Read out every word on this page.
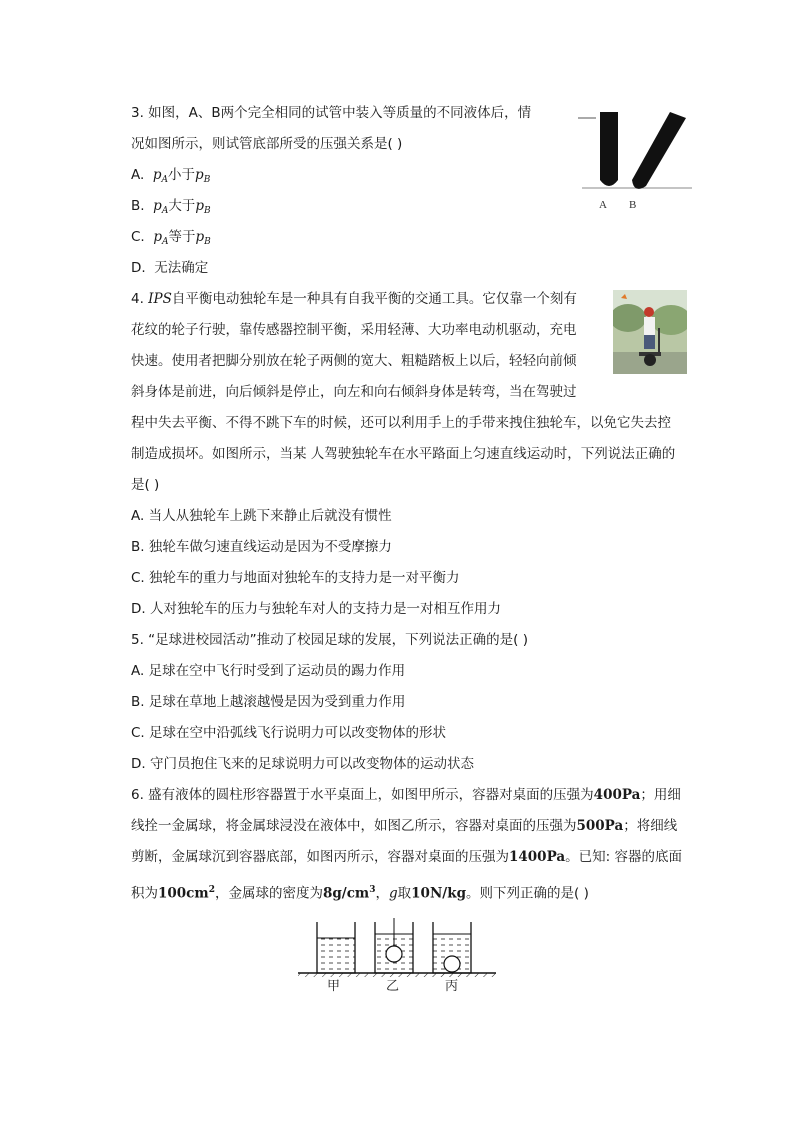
3. 如图，A、B两个完全相同的试管中装入等质量的不同液体后，情
况如图所示，则试管底部所受的压强关系是( )
A. $p_A$小于$p_B$
B. $p_A$大于$p_B$
C. $p_A$等于$p_B$
D. 无法确定
A B
4. IPS自平衡电动独轮车是一种具有自我平衡的交通工具。它仅靠一个刻有
花纹的轮子行驶，靠传感器控制平衡，采用轻薄、大功率电动机驱动，充电
快速。使用者把脚分别放在轮子两侧的宽大、粗糙踏板上以后，轻轻向前倾
斜身体是前进，向后倾斜是停止，向左和向右倾斜身体是转弯，当在驾驶过
程中失去平衡、不得不跳下车的时候，还可以利用手上的手带来拽住独轮车，以免它失去控
制造成损坏。如图所示，当某 人驾驶独轮车在水平路面上匀速直线运动时，下列说法正确的
是( )
A. 当人从独轮车上跳下来静止后就没有惯性
B. 独轮车做匀速直线运动是因为不受摩擦力
C. 独轮车的重力与地面对独轮车的支持力是一对平衡力
D. 人对独轮车的压力与独轮车对人的支持力是一对相互作用力
5. “足球进校园活动”推动了校园足球的发展，下列说法正确的是( )
A. 足球在空中飞行时受到了运动员的踢力作用
B. 足球在草地上越滚越慢是因为受到重力作用
C. 足球在空中沿弧线飞行说明力可以改变物体的形状
D. 守门员抱住飞来的足球说明力可以改变物体的运动状态
6. 盛有液体的圆柱形容器置于水平桌面上，如图甲所示，容器对桌面的压强为400Pa；用细
线拴一金属球，将金属球浸没在液体中，如图乙所示，容器对桌面的压强为500Pa；将细线
剪断，金属球沉到容器底部，如图丙所示，容器对桌面的压强为1400Pa。已知: 容器的底面
积为$100cm^2$，金属球的密度为$8g/cm^3$，g取10N/kg。则下列正确的是( )
甲	乙	丙
